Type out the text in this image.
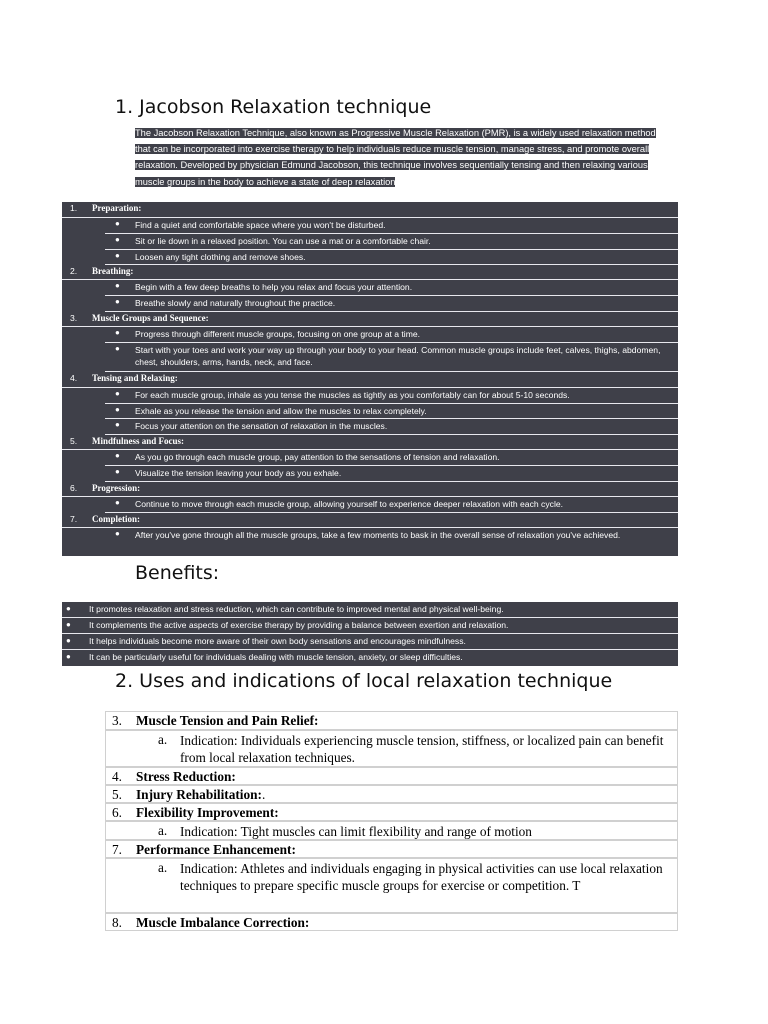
1. Jacobson Relaxation technique
The Jacobson Relaxation Technique, also known as Progressive Muscle Relaxation (PMR), is a widely used relaxation method that can be incorporated into exercise therapy to help individuals reduce muscle tension, manage stress, and promote overall relaxation. Developed by physician Edmund Jacobson, this technique involves sequentially tensing and then relaxing various muscle groups in the body to achieve a state of deep relaxation
1. Preparation:
● Find a quiet and comfortable space where you won't be disturbed.
● Sit or lie down in a relaxed position. You can use a mat or a comfortable chair.
● Loosen any tight clothing and remove shoes.
2. Breathing:
● Begin with a few deep breaths to help you relax and focus your attention.
● Breathe slowly and naturally throughout the practice.
3. Muscle Groups and Sequence:
● Progress through different muscle groups, focusing on one group at a time.
● Start with your toes and work your way up through your body to your head. Common muscle groups include feet, calves, thighs, abdomen, chest, shoulders, arms, hands, neck, and face.
4. Tensing and Relaxing:
● For each muscle group, inhale as you tense the muscles as tightly as you comfortably can for about 5-10 seconds.
● Exhale as you release the tension and allow the muscles to relax completely.
● Focus your attention on the sensation of relaxation in the muscles.
5. Mindfulness and Focus:
● As you go through each muscle group, pay attention to the sensations of tension and relaxation.
● Visualize the tension leaving your body as you exhale.
6. Progression:
● Continue to move through each muscle group, allowing yourself to experience deeper relaxation with each cycle.
7. Completion:
● After you've gone through all the muscle groups, take a few moments to bask in the overall sense of relaxation you've achieved.
Benefits:
● It promotes relaxation and stress reduction, which can contribute to improved mental and physical well-being.
● It complements the active aspects of exercise therapy by providing a balance between exertion and relaxation.
● It helps individuals become more aware of their own body sensations and encourages mindfulness.
● It can be particularly useful for individuals dealing with muscle tension, anxiety, or sleep difficulties.
2. Uses and indications of local relaxation technique
3. Muscle Tension and Pain Relief:
a. Indication: Individuals experiencing muscle tension, stiffness, or localized pain can benefit from local relaxation techniques.
4. Stress Reduction:
5. Injury Rehabilitation:.
6. Flexibility Improvement:
a. Indication: Tight muscles can limit flexibility and range of motion
7. Performance Enhancement:
a. Indication: Athletes and individuals engaging in physical activities can use local relaxation techniques to prepare specific muscle groups for exercise or competition. T
8. Muscle Imbalance Correction:
